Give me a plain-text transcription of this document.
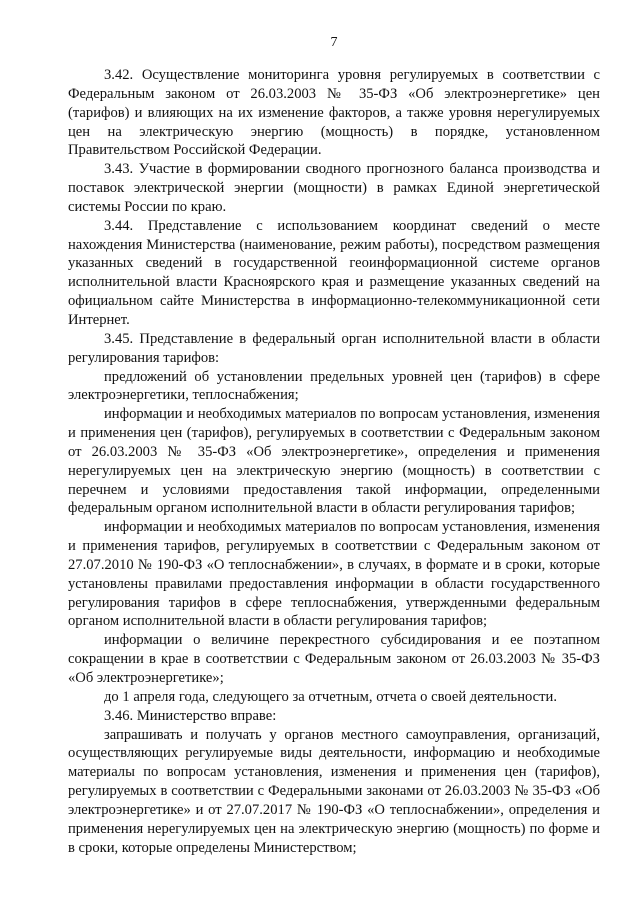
7

3.42. Осуществление мониторинга уровня регулируемых в соответствии с Федеральным законом от 26.03.2003 № 35-ФЗ «Об электроэнергетике» цен (тарифов) и влияющих на их изменение факторов, а также уровня нерегулируемых цен на электрическую энергию (мощность) в порядке, установленном Правительством Российской Федерации.

3.43. Участие в формировании сводного прогнозного баланса производства и поставок электрической энергии (мощности) в рамках Единой энергетической системы России по краю.

3.44. Представление с использованием координат сведений о месте нахождения Министерства (наименование, режим работы), посредством размещения указанных сведений в государственной геоинформационной системе органов исполнительной власти Красноярского края и размещение указанных сведений на официальном сайте Министерства в информационно-телекоммуникационной сети Интернет.

3.45. Представление в федеральный орган исполнительной власти в области регулирования тарифов:

предложений об установлении предельных уровней цен (тарифов) в сфере электроэнергетики, теплоснабжения;

информации и необходимых материалов по вопросам установления, изменения и применения цен (тарифов), регулируемых в соответствии с Федеральным законом от 26.03.2003 № 35-ФЗ «Об электроэнергетике», определения и применения нерегулируемых цен на электрическую энергию (мощность) в соответствии с перечнем и условиями предоставления такой информации, определенными федеральным органом исполнительной власти в области регулирования тарифов;

информации и необходимых материалов по вопросам установления, изменения и применения тарифов, регулируемых в соответствии с Федеральным законом от 27.07.2010 № 190-ФЗ «О теплоснабжении», в случаях, в формате и в сроки, которые установлены правилами предоставления информации в области государственного регулирования тарифов в сфере теплоснабжения, утвержденными федеральным органом исполнительной власти в области регулирования тарифов;

информации о величине перекрестного субсидирования и ее поэтапном сокращении в крае в соответствии с Федеральным законом от 26.03.2003 № 35-ФЗ «Об электроэнергетике»;

до 1 апреля года, следующего за отчетным, отчета о своей деятельности.

3.46. Министерство вправе:

запрашивать и получать у органов местного самоуправления, организаций, осуществляющих регулируемые виды деятельности, информацию и необходимые материалы по вопросам установления, изменения и применения цен (тарифов), регулируемых в соответствии с Федеральными законами от 26.03.2003 № 35-ФЗ «Об электроэнергетике» и от 27.07.2017 № 190-ФЗ «О теплоснабжении», определения и применения нерегулируемых цен на электрическую энергию (мощность) по форме и в сроки, которые определены Министерством;
